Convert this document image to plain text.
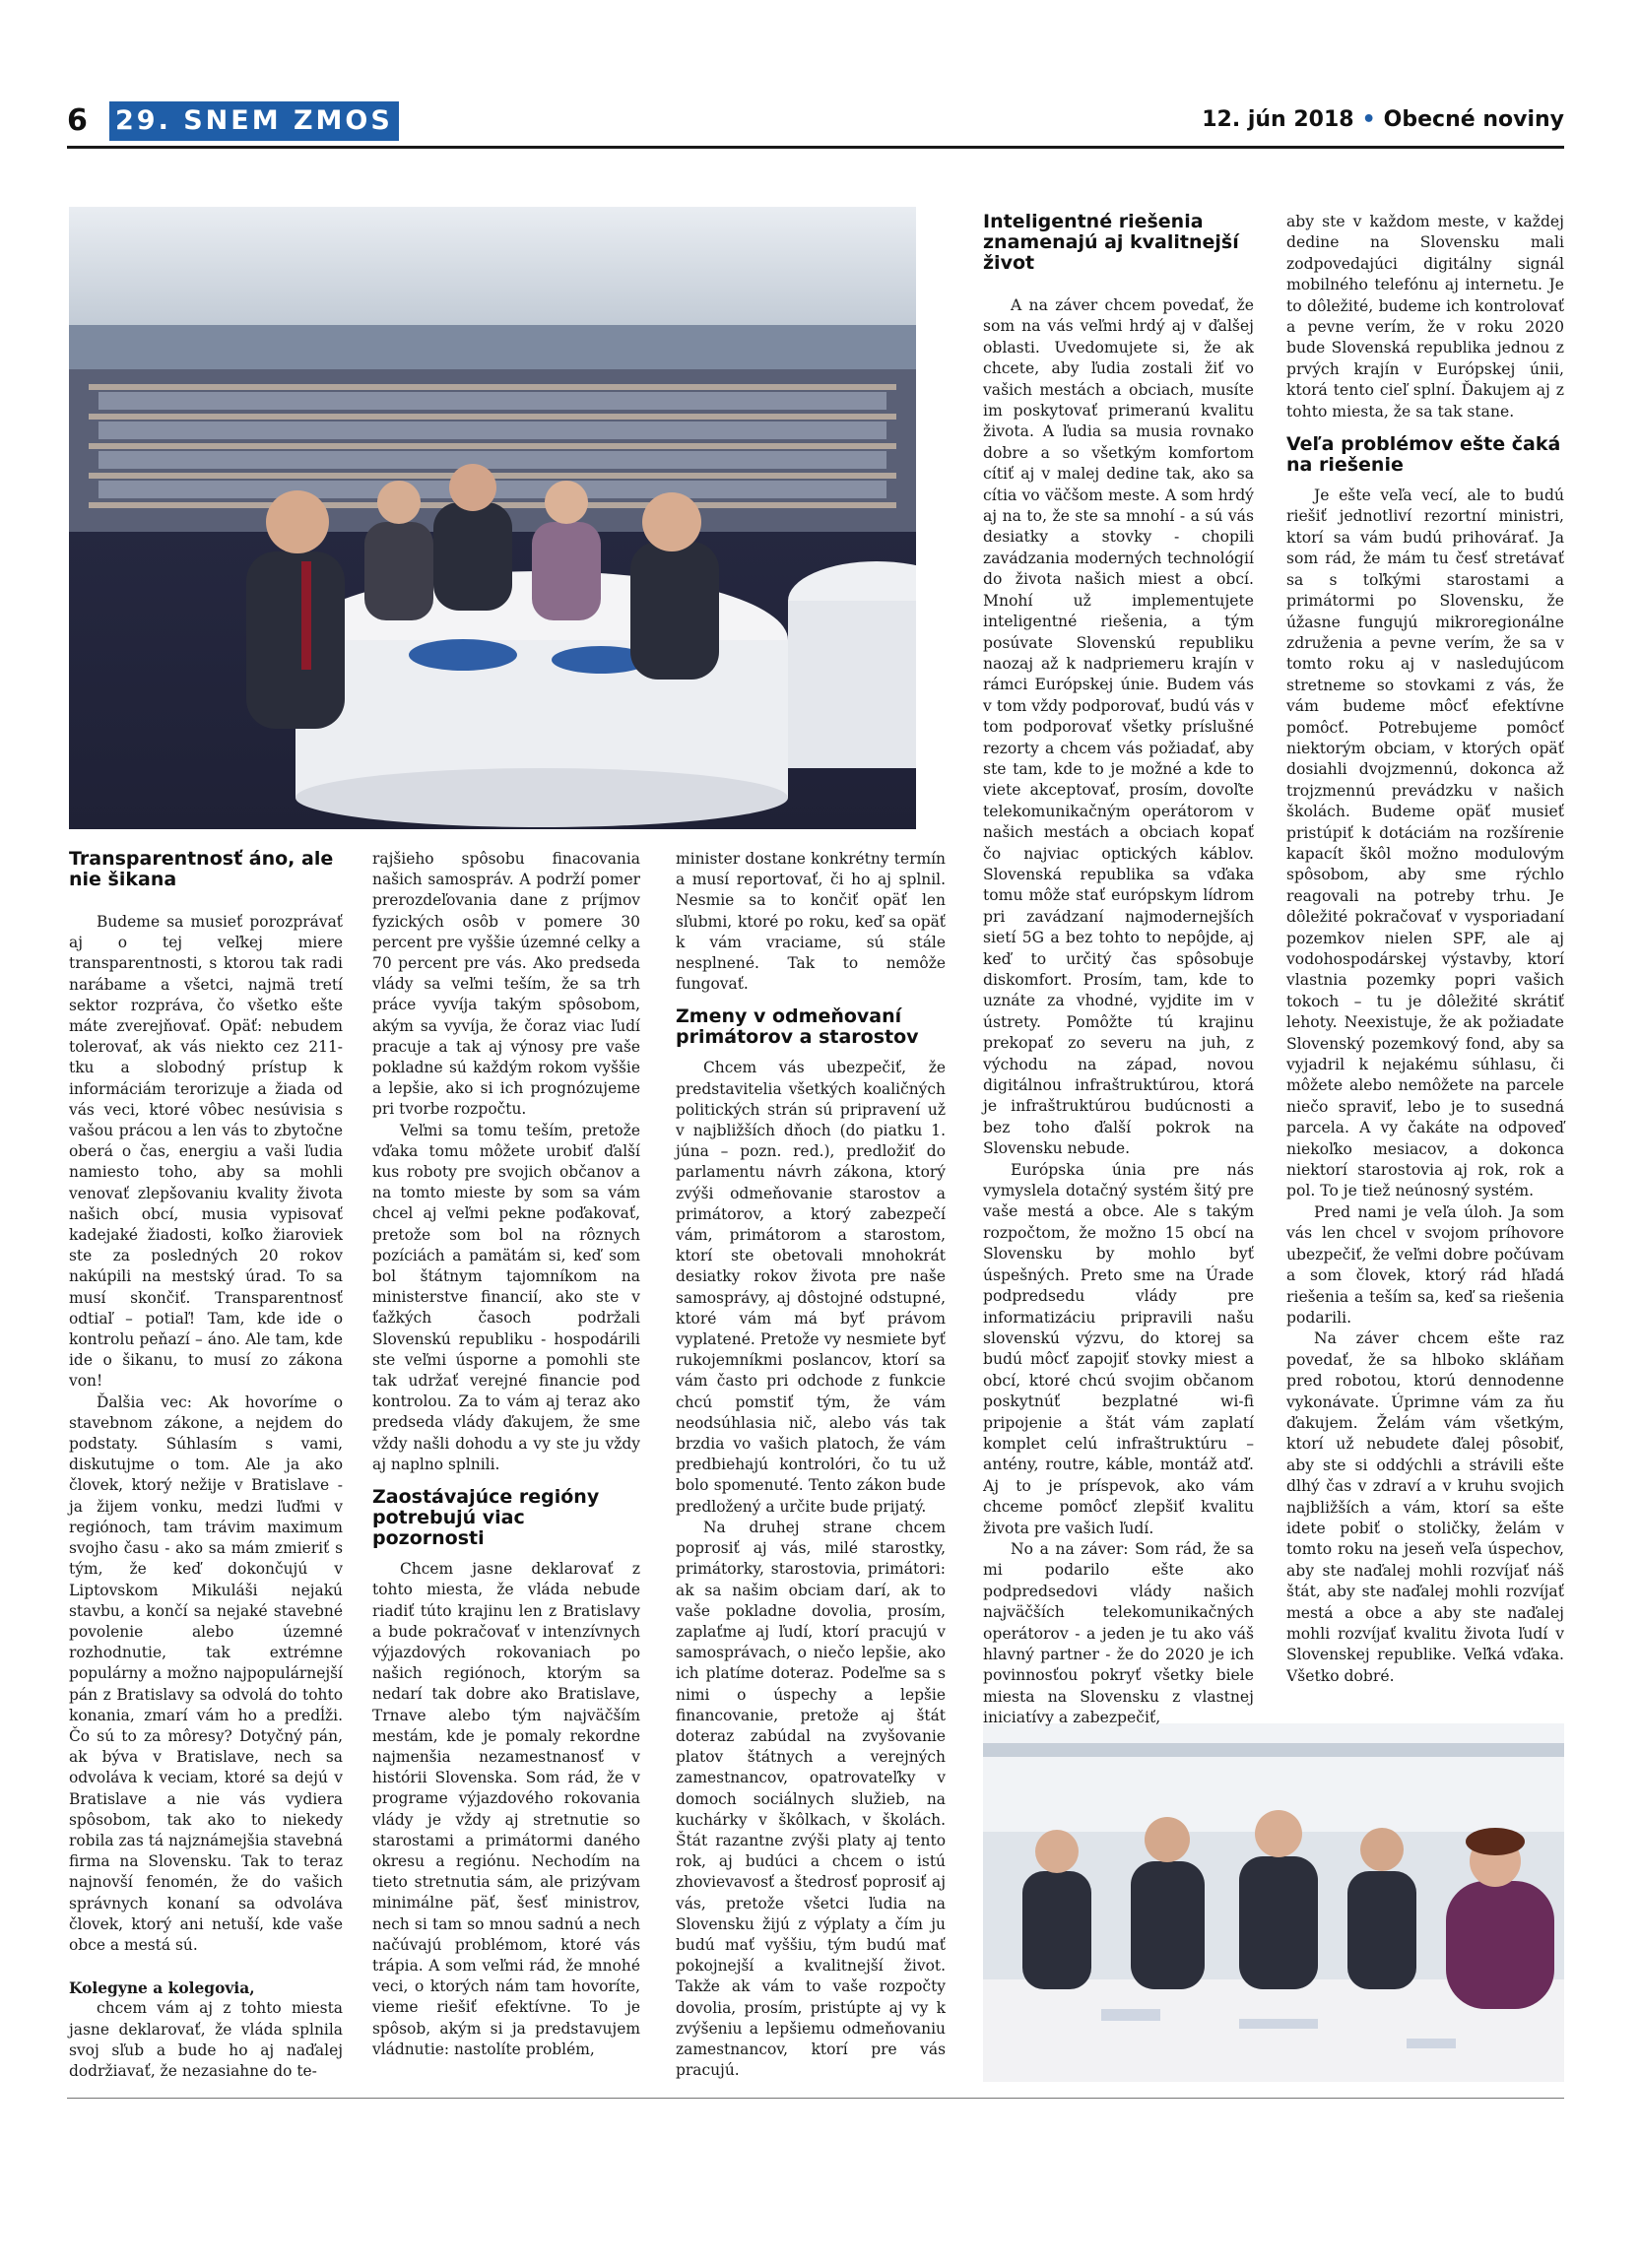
6 29. SNEM ZMOS	12. jún 2018 • Obecné noviny
Transparentnosť áno, ale nie šikana

Budeme sa musieť porozprávať aj o tej veľkej miere transparentnosti, s ktorou tak radi narábame a všetci, najmä tretí sektor rozpráva, čo všetko ešte máte zverejňovať. Opäť: nebudem tolerovať, ak vás niekto cez 211-tku a slobodný prístup k informáciám terorizuje a žiada od vás veci, ktoré vôbec nesúvisia s vašou prácou a len vás to zbytočne oberá o čas, energiu a vaši ľudia namiesto toho, aby sa mohli venovať zlepšovaniu kvality života našich obcí, musia vypisovať kadejaké žiadosti, koľko žiaroviek ste za posledných 20 rokov nakúpili na mestský úrad. To sa musí skončiť. Transparentnosť odtiaľ – potiaľ! Tam, kde ide o kontrolu peňazí – áno. Ale tam, kde ide o šikanu, to musí zo zákona von!

Ďalšia vec: Ak hovoríme o stavebnom zákone, a nejdem do podstaty. Súhlasím s vami, diskutujme o tom. Ale ja ako človek, ktorý nežije v Bratislave - ja žijem vonku, medzi ľuďmi v regiónoch, tam trávim maximum svojho času - ako sa mám zmieriť s tým, že keď dokončujú v Liptovskom Mikuláši nejakú stavbu, a končí sa nejaké stavebné povolenie alebo územné rozhodnutie, tak extrémne populárny a možno najpopulárnejší pán z Bratislavy sa odvolá do tohto konania, zmarí vám ho a predĺži. Čo sú to za môresy? Dotyčný pán, ak býva v Bratislave, nech sa odvoláva k veciam, ktoré sa dejú v Bratislave a nie vás vydiera spôsobom, tak ako to niekedy robila zas tá najznámejšia stavebná firma na Slovensku. Tak to teraz najnovší fenomén, že do vašich správnych konaní sa odvoláva človek, ktorý ani netuší, kde vaše obce a mestá sú.

Kolegyne a kolegovia,

chcem vám aj z tohto miesta jasne deklarovať, že vláda splnila svoj sľub a bude ho aj naďalej dodržiavať, že nezasiahne do te-

rajšieho spôsobu finacovania našich samospráv. A podrží pomer prerozdeľovania dane z príjmov fyzických osôb v pomere 30 percent pre vyššie územné celky a 70 percent pre vás. Ako predseda vlády sa veľmi teším, že sa trh práce vyvíja takým spôsobom, akým sa vyvíja, že čoraz viac ľudí pracuje a tak aj výnosy pre vaše pokladne sú každým rokom vyššie a lepšie, ako si ich prognózujeme pri tvorbe rozpočtu.

Veľmi sa tomu teším, pretože vďaka tomu môžete urobiť ďalší kus roboty pre svojich občanov a na tomto mieste by som sa vám chcel aj veľmi pekne poďakovať, pretože som bol na rôznych pozíciách a pamätám si, keď som bol štátnym tajomníkom na ministerstve financií, ako ste v ťažkých časoch podržali Slovenskú republiku - hospodárili ste veľmi úsporne a pomohli ste tak udržať verejné financie pod kontrolou. Za to vám aj teraz ako predseda vlády ďakujem, že sme vždy našli dohodu a vy ste ju vždy aj naplno splnili.

Zaostávajúce regióny potrebujú viac pozornosti

Chcem jasne deklarovať z tohto miesta, že vláda nebude riadiť túto krajinu len z Bratislavy a bude pokračovať v intenzívnych výjazdových rokovaniach po našich regiónoch, ktorým sa nedarí tak dobre ako Bratislave, Trnave alebo tým najväčším mestám, kde je pomaly rekordne najmenšia nezamestnanosť v histórii Slovenska. Som rád, že v programe výjazdového rokovania vlády je vždy aj stretnutie so starostami a primátormi daného okresu a regiónu. Nechodím na tieto stretnutia sám, ale prizývam minimálne päť, šesť ministrov, nech si tam so mnou sadnú a nech načúvajú problémom, ktoré vás trápia. A som veľmi rád, že mnohé veci, o ktorých nám tam hovoríte, vieme riešiť efektívne. To je spôsob, akým si ja predstavujem vládnutie: nastolíte problém,

minister dostane konkrétny termín a musí reportovať, či ho aj splnil. Nesmie sa to končiť opäť len sľubmi, ktoré po roku, keď sa opäť k vám vraciame, sú stále nesplnené. Tak to nemôže fungovať.

Zmeny v odmeňovaní primátorov a starostov

Chcem vás ubezpečiť, že predstavitelia všetkých koaličných politických strán sú pripravení už v najbližších dňoch (do piatku 1. júna – pozn. red.), predložiť do parlamentu návrh zákona, ktorý zvýši odmeňovanie starostov a primátorov, a ktorý zabezpečí vám, primátorom a starostom, ktorí ste obetovali mnohokrát desiatky rokov života pre naše samosprávy, aj dôstojné odstupné, ktoré vám má byť právom vyplatené. Pretože vy nesmiete byť rukojemníkmi poslancov, ktorí sa vám často pri odchode z funkcie chcú pomstiť tým, že vám neodsúhlasia nič, alebo vás tak brzdia vo vašich platoch, že vám predbiehajú kontrolóri, čo tu už bolo spomenuté. Tento zákon bude predložený a určite bude prijatý.

Na druhej strane chcem poprosiť aj vás, milé starostky, primátorky, starostovia, primátori: ak sa našim obciam darí, ak to vaše pokladne dovolia, prosím, zaplaťme aj ľudí, ktorí pracujú v samosprávach, o niečo lepšie, ako ich platíme doteraz. Podeľme sa s nimi o úspechy a lepšie financovanie, pretože aj štát doteraz zabúdal na zvyšovanie platov štátnych a verejných zamestnancov, opatrovateľky v domoch sociálnych služieb, na kuchárky v škôlkach, v školách. Štát razantne zvýši platy aj tento rok, aj budúci a chcem o istú zhovievavosť a štedrosť poprosiť aj vás, pretože všetci ľudia na Slovensku žijú z výplaty a čím ju budú mať vyššiu, tým budú mať pokojnejší a kvalitnejší život. Takže ak vám to vaše rozpočty dovolia, prosím, pristúpte aj vy k zvýšeniu a lepšiemu odmeňovaniu zamestnancov, ktorí pre vás pracujú.

Inteligentné riešenia znamenajú aj kvalitnejší život

A na záver chcem povedať, že som na vás veľmi hrdý aj v ďalšej oblasti. Uvedomujete si, že ak chcete, aby ľudia zostali žiť vo vašich mestách a obciach, musíte im poskytovať primeranú kvalitu života. A ľudia sa musia rovnako dobre a so všetkým komfortom cítiť aj v malej dedine tak, ako sa cítia vo väčšom meste. A som hrdý aj na to, že ste sa mnohí - a sú vás desiatky a stovky - chopili zavádzania moderných technológií do života našich miest a obcí. Mnohí už implementujete inteligentné riešenia, a tým posúvate Slovenskú republiku naozaj až k nadpriemeru krajín v rámci Európskej únie. Budem vás v tom vždy podporovať, budú vás v tom podporovať všetky príslušné rezorty a chcem vás požiadať, aby ste tam, kde to je možné a kde to viete akceptovať, prosím, dovoľte telekomunikačným operátorom v našich mestách a obciach kopať čo najviac optických káblov. Slovenská republika sa vďaka tomu môže stať európskym lídrom pri zavádzaní najmodernejších sietí 5G a bez tohto to nepôjde, aj keď to určitý čas spôsobuje diskomfort. Prosím, tam, kde to uznáte za vhodné, vyjdite im v ústrety. Pomôžte tú krajinu prekopať zo severu na juh, z východu na západ, novou digitálnou infraštruktúrou, ktorá je infraštruktúrou budúcnosti a bez toho ďalší pokrok na Slovensku nebude.

Európska únia pre nás vymyslela dotačný systém šitý pre vaše mestá a obce. Ale s takým rozpočtom, že možno 15 obcí na Slovensku by mohlo byť úspešných. Preto sme na Úrade podpredsedu vlády pre informatizáciu pripravili našu slovenskú výzvu, do ktorej sa budú môcť zapojiť stovky miest a obcí, ktoré chcú svojim občanom poskytnúť bezplatné wi-fi pripojenie a štát vám zaplatí komplet celú infraštruktúru – antény, routre, káble, montáž atď. Aj to je príspevok, ako vám chceme pomôcť zlepšiť kvalitu života pre vašich ľudí.

No a na záver: Som rád, že sa mi podarilo ešte ako podpredsedovi vlády našich najväčších telekomunikačných operátorov - a jeden je tu ako váš hlavný partner - že do 2020 je ich povinnosťou pokryť všetky biele miesta na Slovensku z vlastnej iniciatívy a zabezpečiť,

aby ste v každom meste, v každej dedine na Slovensku mali zodpovedajúci digitálny signál mobilného telefónu aj internetu. Je to dôležité, budeme ich kontrolovať a pevne verím, že v roku 2020 bude Slovenská republika jednou z prvých krajín v Európskej únii, ktorá tento cieľ splní. Ďakujem aj z tohto miesta, že sa tak stane.

Veľa problémov ešte čaká na riešenie

Je ešte veľa vecí, ale to budú riešiť jednotliví rezortní ministri, ktorí sa vám budú prihovárať. Ja som rád, že mám tu česť stretávať sa s toľkými starostami a primátormi po Slovensku, že úžasne fungujú mikroregionálne združenia a pevne verím, že sa v tomto roku aj v nasledujúcom stretneme so stovkami z vás, že vám budeme môcť efektívne pomôcť. Potrebujeme pomôcť niektorým obciam, v ktorých opäť dosiahli dvojzmennú, dokonca až trojzmennú prevádzku v našich školách. Budeme opäť musieť pristúpiť k dotáciám na rozšírenie kapacít škôl možno modulovým spôsobom, aby sme rýchlo reagovali na potreby trhu. Je dôležité pokračovať v vysporiadaní pozemkov nielen SPF, ale aj vodohospodárskej výstavby, ktorí vlastnia pozemky popri vašich tokoch – tu je dôležité skrátiť lehoty. Neexistuje, že ak požiadate Slovenský pozemkový fond, aby sa vyjadril k nejakému súhlasu, či môžete alebo nemôžete na parcele niečo spraviť, lebo je to susedná parcela. A vy čakáte na odpoveď niekoľko mesiacov, a dokonca niektorí starostovia aj rok, rok a pol. To je tiež neúnosný systém.

Pred nami je veľa úloh. Ja som vás len chcel v svojom príhovore ubezpečiť, že veľmi dobre počúvam a som človek, ktorý rád hľadá riešenia a teším sa, keď sa riešenia podarili.

Na záver chcem ešte raz povedať, že sa hlboko skláňam pred robotou, ktorú dennodenne vykonávate. Úprimne vám za ňu ďakujem. Želám vám všetkým, ktorí už nebudete ďalej pôsobiť, aby ste si oddýchli a strávili ešte dlhý čas v zdraví a v kruhu svojich najbližších a vám, ktorí sa ešte idete pobiť o stoličky, želám v tomto roku na jeseň veľa úspechov, aby ste naďalej mohli rozvíjať náš štát, aby ste naďalej mohli rozvíjať mestá a obce a aby ste naďalej mohli rozvíjať kvalitu života ľudí v Slovenskej republike. Veľká vďaka. Všetko dobré.
